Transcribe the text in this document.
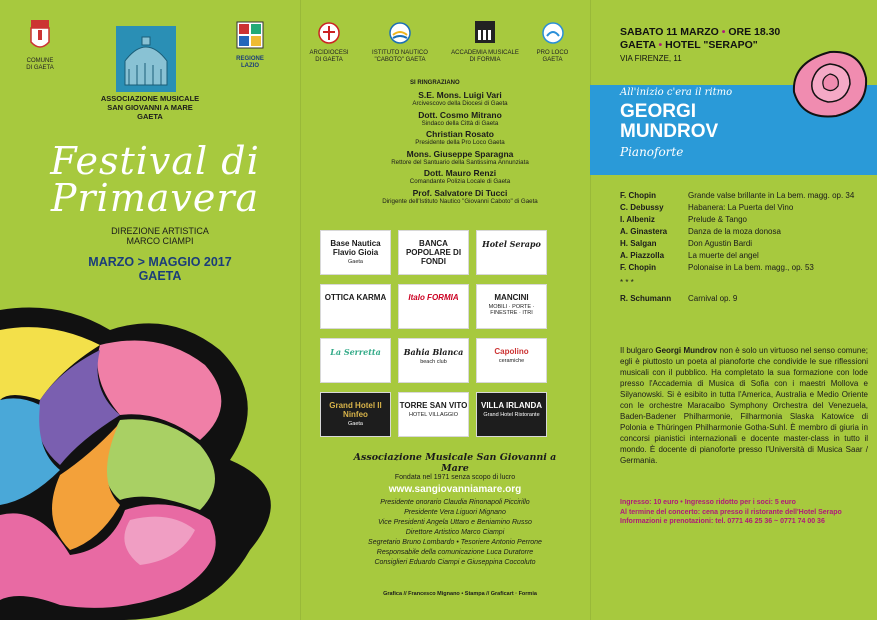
COMUNE
DI GAETA
ASSOCIAZIONE MUSICALE
SAN GIOVANNI A MARE
GAETA
Festival di
Primavera
DIREZIONE ARTISTICA
MARCO CIAMPI
MARZO > MAGGIO 2017
GAETA
REGIONE
LAZIO
ARCIDIOCESI
DI GAETA
ISTITUTO NAUTICO
"CABOTO" GAETA
ACCADEMIA MUSICALE
DI FORMIA
PRO LOCO
GAETA
SI RINGRAZIANO
S.E. Mons. Luigi Vari
Arcivescovo della Diocesi di Gaeta
Dott. Cosmo Mitrano
Sindaco della Città di Gaeta
Christian Rosato
Presidente della Pro Loco Gaeta
Mons. Giuseppe Sparagna
Rettore del Santuario della Santissima Annunziata
Dott. Mauro Renzi
Comandante Polizia Locale di Gaeta
Prof. Salvatore Di Tucci
Dirigente dell'Istituto Nautico "Giovanni Caboto" di Gaeta
Base Nautica Flavio Gioia
Gaeta
BANCA POPOLARE DI FONDI
Hotel Serapo
OTTICA KARMA	Italo FORMIA	MANCINI
MOBILI · PORTE · FINESTRE · ITRI
La Serretta	Bahia Blanca
beach club
Capolino
ceramiche
Grand Hotel Il Ninfeo
Gaeta
TORRE SAN VITO
HOTEL VILLAGGIO
VILLA IRLANDA
Grand Hotel Ristorante
Associazione Musicale San Giovanni a Mare
Fondata nel 1971 senza scopo di lucro
www.sangiovanniamare.org
Presidente onorario Claudia Rinonapoli Piccirillo
Presidente Vera Liguori Mignano
Vice Presidenti Angela Uttaro e Beniamino Russo
Direttore Artistico Marco Ciampi
Segretario Bruno Lombardo • Tesoriere Antonio Perrone
Responsabile della comunicazione Luca Duratorre
Consiglieri Eduardo Ciampi e Giuseppina Coccoluto
Grafica // Francesco Mignano • Stampa // Graficart · Formia
SABATO 11 MARZO • ORE 18.30
GAETA • HOTEL "SERAPO"
VIA FIRENZE, 11
All'inizio c'era il ritmo
GEORGI
MUNDROV
Pianoforte
F. Chopin	Grande valse brillante in La bem. magg. op. 34
C. Debussy	Habanera: La Puerta del Vino
I. Albeniz	Prelude & Tango
A. Ginastera	Danza de la moza donosa
H. Salgan	Don Agustin Bardi
A. Piazzolla	La muerte del angel
F. Chopin	Polonaise in La bem. magg., op. 53
* * *
R. Schumann	Carnival op. 9
Il bulgaro Georgi Mundrov non è solo un virtuoso nel senso comune; egli è piuttosto un poeta al pianoforte che condivide le sue riflessioni musicali con il pubblico. Ha completato la sua formazione con lode presso l'Accademia di Musica di Sofia con i maestri Mollova e Silyanowski. Si è esibito in tutta l'America, Australia e Medio Oriente con le orchestre Maracaibo Symphony Orchestra del Venezuela, Baden-Badener Philharmonie, Filharmonia Slaska Katowice di Polonia e Thüringen Philharmonie Gotha-Suhl. È membro di giuria in concorsi pianistici internazionali e docente master-class in tutto il mondo. È docente di pianoforte presso l'Università di Musica Saar / Germania.
Ingresso: 10 euro • Ingresso ridotto per i soci: 5 euro
Al termine del concerto: cena presso il ristorante dell'Hotel Serapo
Informazioni e prenotazioni: tel. 0771 46 25 36 ~ 0771 74 00 36
